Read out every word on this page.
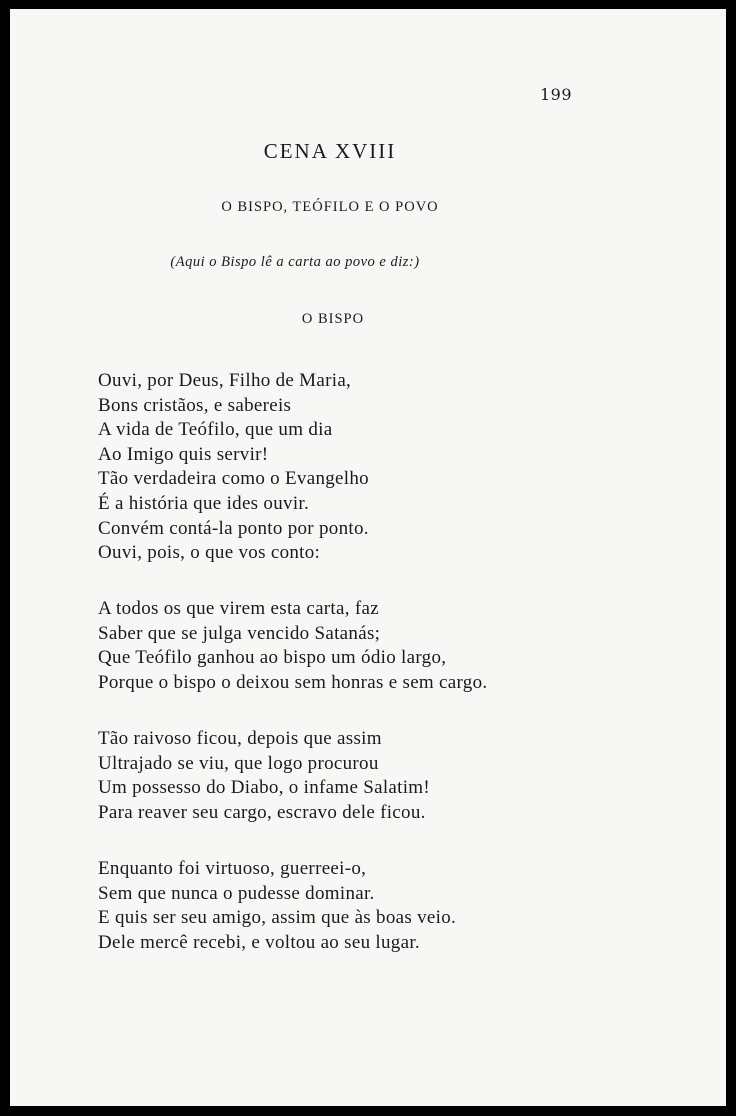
199
CENA XVIII
O BISPO, TEÓFILO E O POVO
(Aqui o Bispo lê a carta ao povo e diz:)
O BISPO
Ouvi, por Deus, Filho de Maria,
Bons cristãos, e sabereis
A vida de Teófilo, que um dia
Ao Imigo quis servir!
Tão verdadeira como o Evangelho
É a história que ides ouvir.
Convém contá-la ponto por ponto.
Ouvi, pois, o que vos conto:
A todos os que virem esta carta, faz
Saber que se julga vencido Satanás;
Que Teófilo ganhou ao bispo um ódio largo,
Porque o bispo o deixou sem honras e sem cargo.
Tão raivoso ficou, depois que assim
Ultrajado se viu, que logo procurou
Um possesso do Diabo, o infame Salatim!
Para reaver seu cargo, escravo dele ficou.
Enquanto foi virtuoso, guerreei-o,
Sem que nunca o pudesse dominar.
E quis ser seu amigo, assim que às boas veio.
Dele mercê recebi, e voltou ao seu lugar.
